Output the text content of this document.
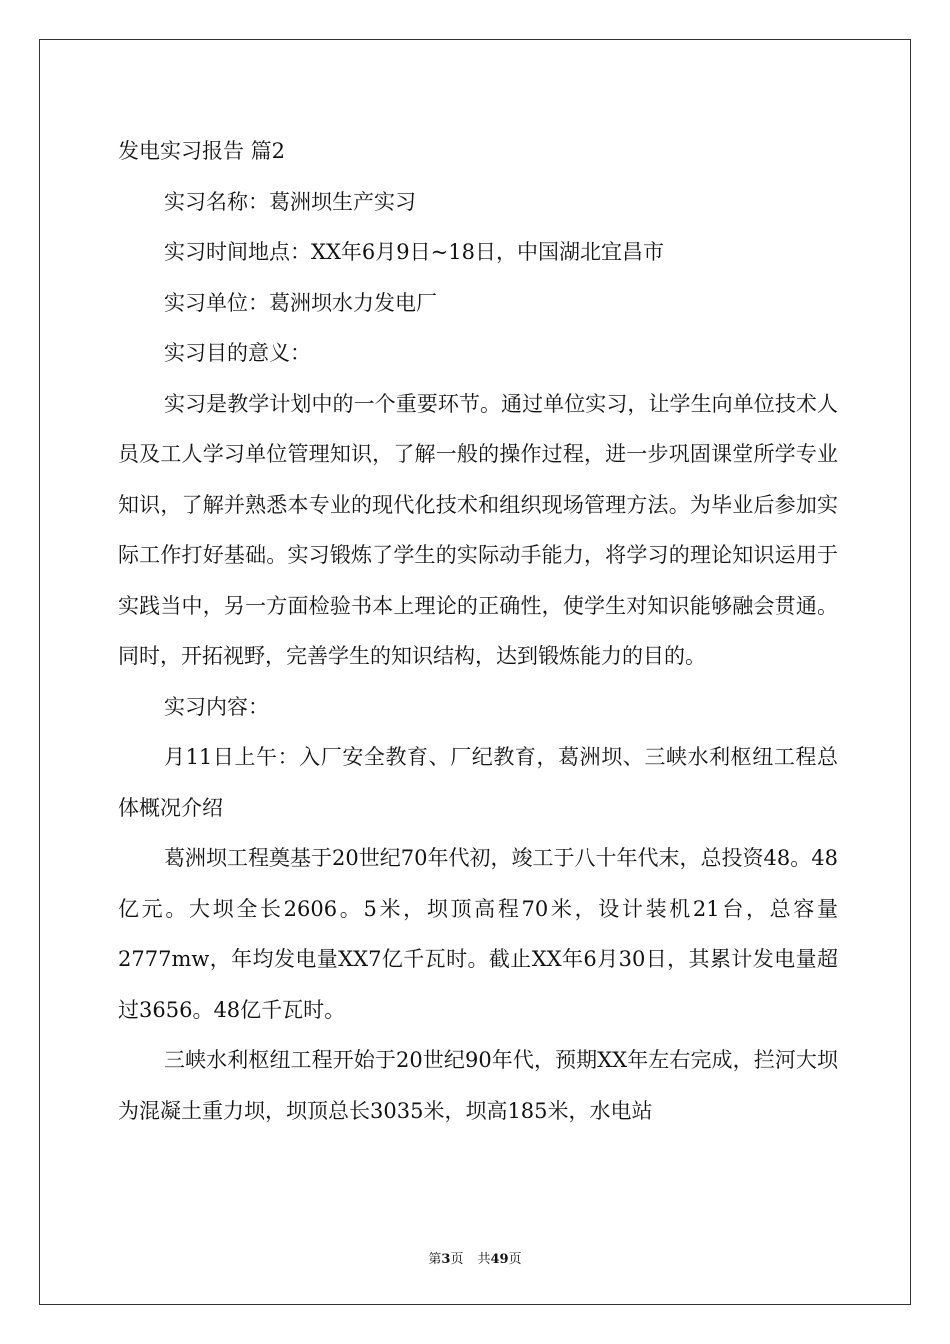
发电实习报告 篇2

实习名称：葛洲坝生产实习

实习时间地点：XX年6月9日~18日，中国湖北宜昌市

实习单位：葛洲坝水力发电厂

实习目的意义：

实习是教学计划中的一个重要环节。通过单位实习，让学生向单位技术人员及工人学习单位管理知识，了解一般的操作过程，进一步巩固课堂所学专业知识，了解并熟悉本专业的现代化技术和组织现场管理方法。为毕业后参加实际工作打好基础。实习锻炼了学生的实际动手能力，将学习的理论知识运用于实践当中，另一方面检验书本上理论的正确性，使学生对知识能够融会贯通。同时，开拓视野，完善学生的知识结构，达到锻炼能力的目的。

实习内容：

月11日上午：入厂安全教育、厂纪教育，葛洲坝、三峡水利枢纽工程总体概况介绍

葛洲坝工程奠基于20世纪70年代初，竣工于八十年代末，总投资48。48亿元。大坝全长2606。5米，坝顶高程70米，设计装机21台，总容量2777mw，年均发电量XX7亿千瓦时。截止XX年6月30日，其累计发电量超过3656。48亿千瓦时。

三峡水利枢纽工程开始于20世纪90年代，预期XX年左右完成，拦河大坝为混凝土重力坝，坝顶总长3035米，坝高185米，水电站

第3页 共49页
